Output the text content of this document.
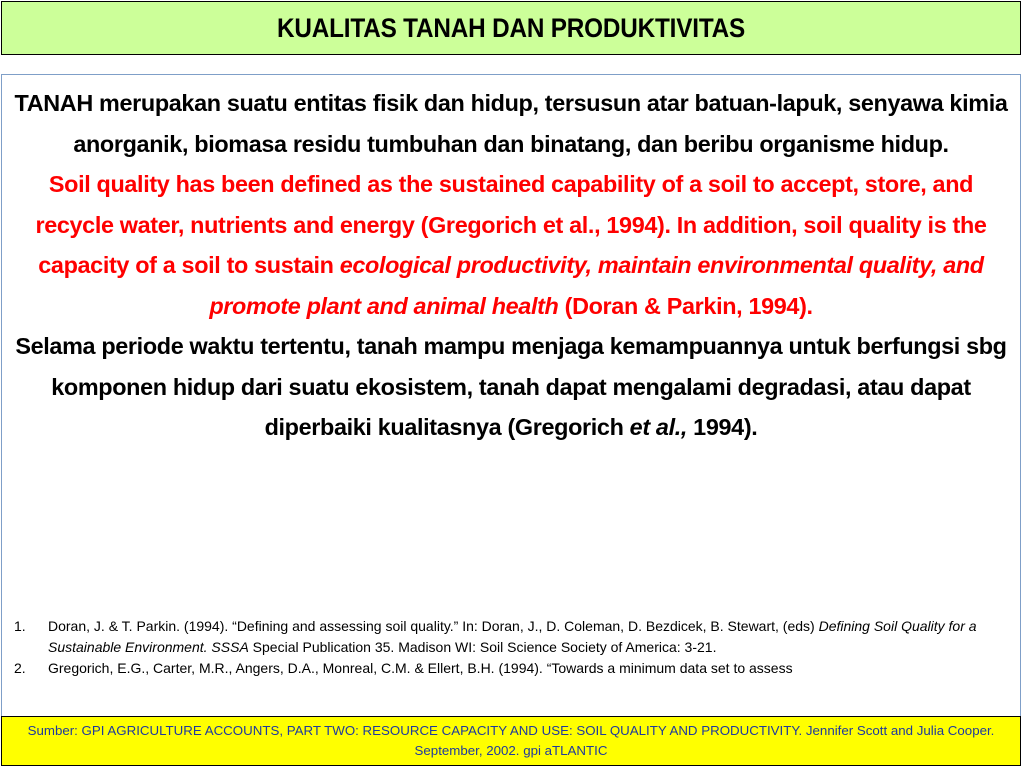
KUALITAS TANAH DAN PRODUKTIVITAS

TANAH merupakan suatu entitas fisik dan hidup, tersusun atar batuan-lapuk, senyawa kimia anorganik, biomasa residu tumbuhan dan binatang, dan beribu organisme hidup.

Soil quality has been defined as the sustained capability of a soil to accept, store, and recycle water, nutrients and energy (Gregorich et al., 1994). In addition, soil quality is the capacity of a soil to sustain ecological productivity, maintain environmental quality, and promote plant and animal health (Doran & Parkin, 1994).

Selama periode waktu tertentu, tanah mampu menjaga kemampuannya untuk berfungsi sbg komponen hidup dari suatu ekosistem, tanah dapat mengalami degradasi, atau dapat diperbaiki kualitasnya (Gregorich et al., 1994).

1. Doran, J. & T. Parkin. (1994). “Defining and assessing soil quality.” In: Doran, J., D. Coleman, D. Bezdicek, B. Stewart, (eds) Defining Soil Quality for a Sustainable Environment. SSSA Special Publication 35. Madison WI: Soil Science Society of America: 3-21.
2. Gregorich, E.G., Carter, M.R., Angers, D.A., Monreal, C.M. & Ellert, B.H. (1994). “Towards a minimum data set to assess
Sumber: GPI AGRICULTURE ACCOUNTS, PART TWO: RESOURCE CAPACITY AND USE: SOIL QUALITY AND PRODUCTIVITY. Jennifer Scott and Julia Cooper. September, 2002. gpi aTLANTIC
